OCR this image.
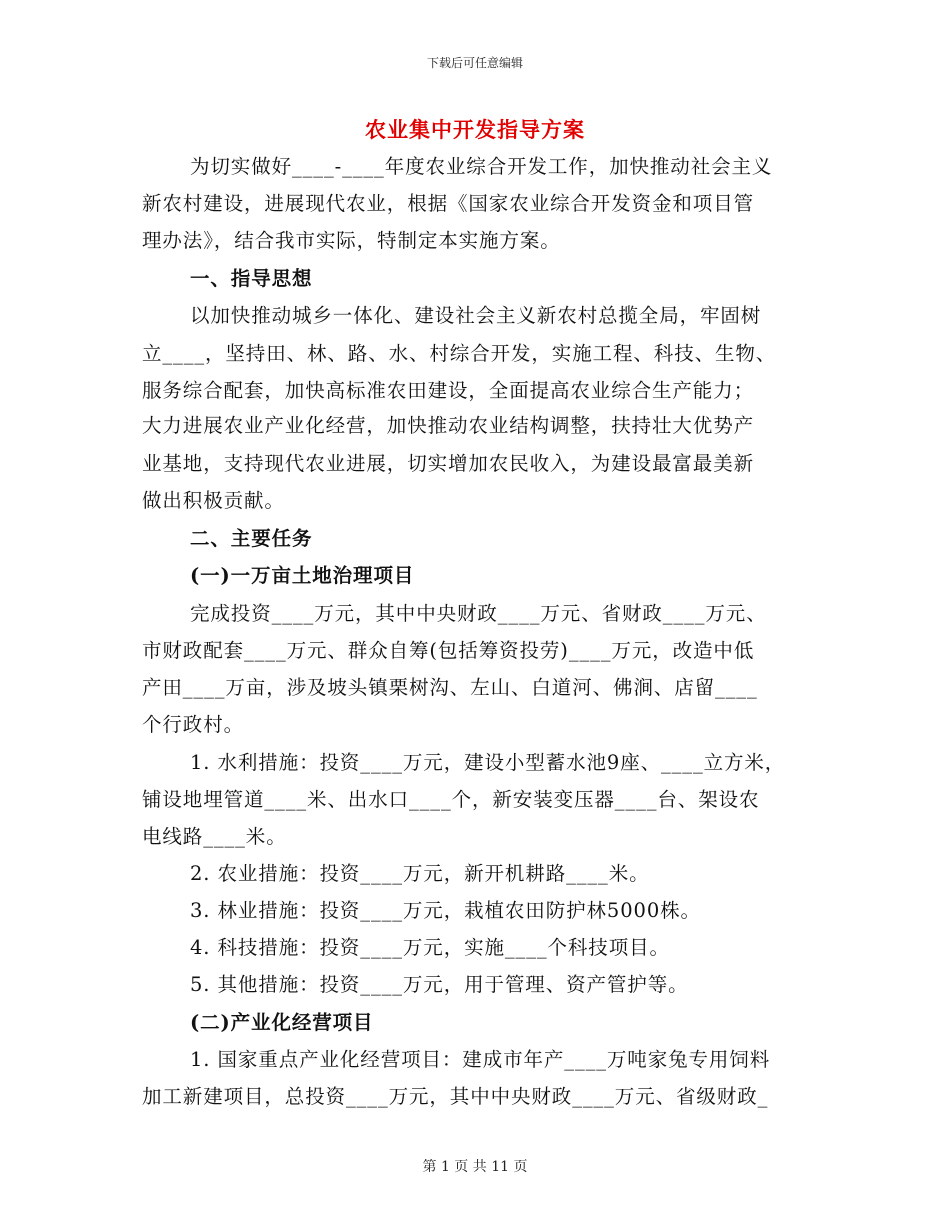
下载后可任意编辑
农业集中开发指导方案
为切实做好____-____年度农业综合开发工作，加快推动社会主义
新农村建设，进展现代农业，根据《国家农业综合开发资金和项目管
理办法》，结合我市实际，特制定本实施方案。
一、指导思想
以加快推动城乡一体化、建设社会主义新农村总揽全局，牢固树
立____，坚持田、林、路、水、村综合开发，实施工程、科技、生物、
服务综合配套，加快高标准农田建设，全面提高农业综合生产能力；
大力进展农业产业化经营，加快推动农业结构调整，扶持壮大优势产
业基地，支持现代农业进展，切实增加农民收入，为建设最富最美新
做出积极贡献。
二、主要任务
(一)一万亩土地治理项目
完成投资____万元，其中中央财政____万元、省财政____万元、
市财政配套____万元、群众自筹(包括筹资投劳)____万元，改造中低
产田____万亩，涉及坡头镇栗树沟、左山、白道河、佛涧、店留____
个行政村。
1. 水利措施：投资____万元，建设小型蓄水池9座、____立方米，
铺设地埋管道____米、出水口____个，新安装变压器____台、架设农
电线路____米。
2. 农业措施：投资____万元，新开机耕路____米。
3. 林业措施：投资____万元，栽植农田防护林5000株。
4. 科技措施：投资____万元，实施____个科技项目。
5. 其他措施：投资____万元，用于管理、资产管护等。
(二)产业化经营项目
1. 国家重点产业化经营项目：建成市年产____万吨家兔专用饲料
加工新建项目，总投资____万元，其中中央财政____万元、省级财政_
第 1 页 共 11 页
